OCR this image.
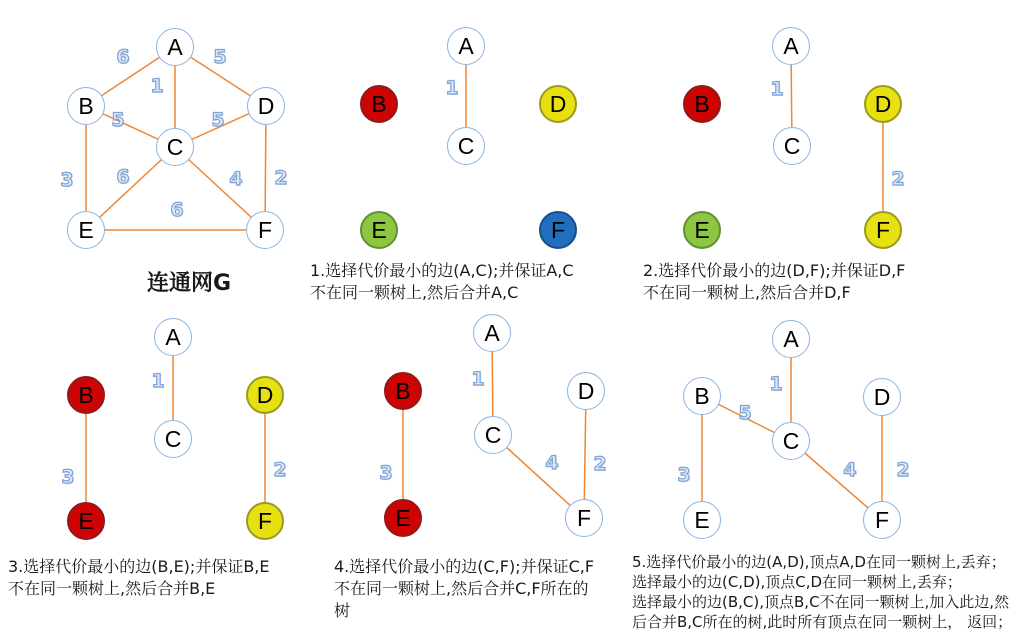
6	5
1
5	5
3 6	4 2
6
A
B
C
D
E	F
1
A
B
C
D
E	F
1
2
A
B
C
D
E	F
1
3	2
A
B
C
D
E	F
1
3	4 2
A
B
C
D
E	F
1
5
3	4 2
A
B
C
D
E	F
连通网G
1.选择代价最小的边(A,C);并保证A,C
不在同一颗树上,然后合并A,C
2.选择代价最小的边(D,F);并保证D,F
不在同一颗树上,然后合并D,F
3.选择代价最小的边(B,E);并保证B,E
不在同一颗树上,然后合并B,E
4.选择代价最小的边(C,F);并保证C,F
不在同一颗树上,然后合并C,F所在的
树
5.选择代价最小的边(A,D),顶点A,D在同一颗树上,丢弃；
选择最小的边(C,D),顶点C,D在同一颗树上,丢弃；
选择最小的边(B,C),顶点B,C不在同一颗树上,加入此边,然
后合并B,C所在的树,此时所有顶点在同一颗树上， 返回；
